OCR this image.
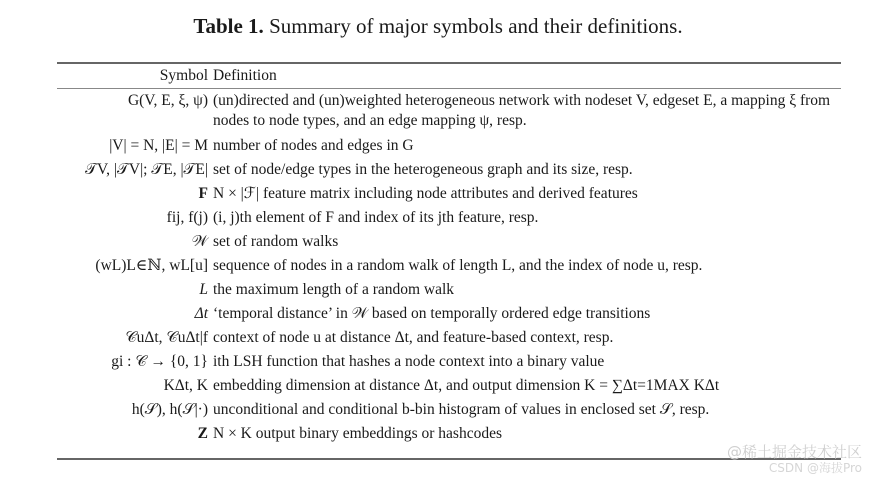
Table 1. Summary of major symbols and their definitions.
Symbol	Definition
G(V, E, ξ, ψ)	(un)directed and (un)weighted heterogeneous network with nodeset V, edgeset E, a mapping ξ from nodes to node types, and an edge mapping ψ, resp.
|V| = N, |E| = M	number of nodes and edges in G
𝒯V, |𝒯V|; 𝒯E, |𝒯E|	set of node/edge types in the heterogeneous graph and its size, resp.
F	N × |ℱ| feature matrix including node attributes and derived features
fij, f(j)	(i, j)th element of F and index of its jth feature, resp.
𝒲	set of random walks
(wL)L∈ℕ, wL[u]	sequence of nodes in a random walk of length L, and the index of node u, resp.
L	the maximum length of a random walk
Δt	‘temporal distance’ in 𝒲 based on temporally ordered edge transitions
𝒞uΔt, 𝒞uΔt|f	context of node u at distance Δt, and feature-based context, resp.
gi : 𝒞 → {0, 1}	ith LSH function that hashes a node context into a binary value
KΔt, K	embedding dimension at distance Δt, and output dimension K = ∑Δt=1MAX KΔt
h(𝒮), h(𝒮|·)	unconditional and conditional b-bin histogram of values in enclosed set 𝒮, resp.
Z	N × K output binary embeddings or hashcodes
@稀土掘金技术社区
CSDN @海拔Pro
